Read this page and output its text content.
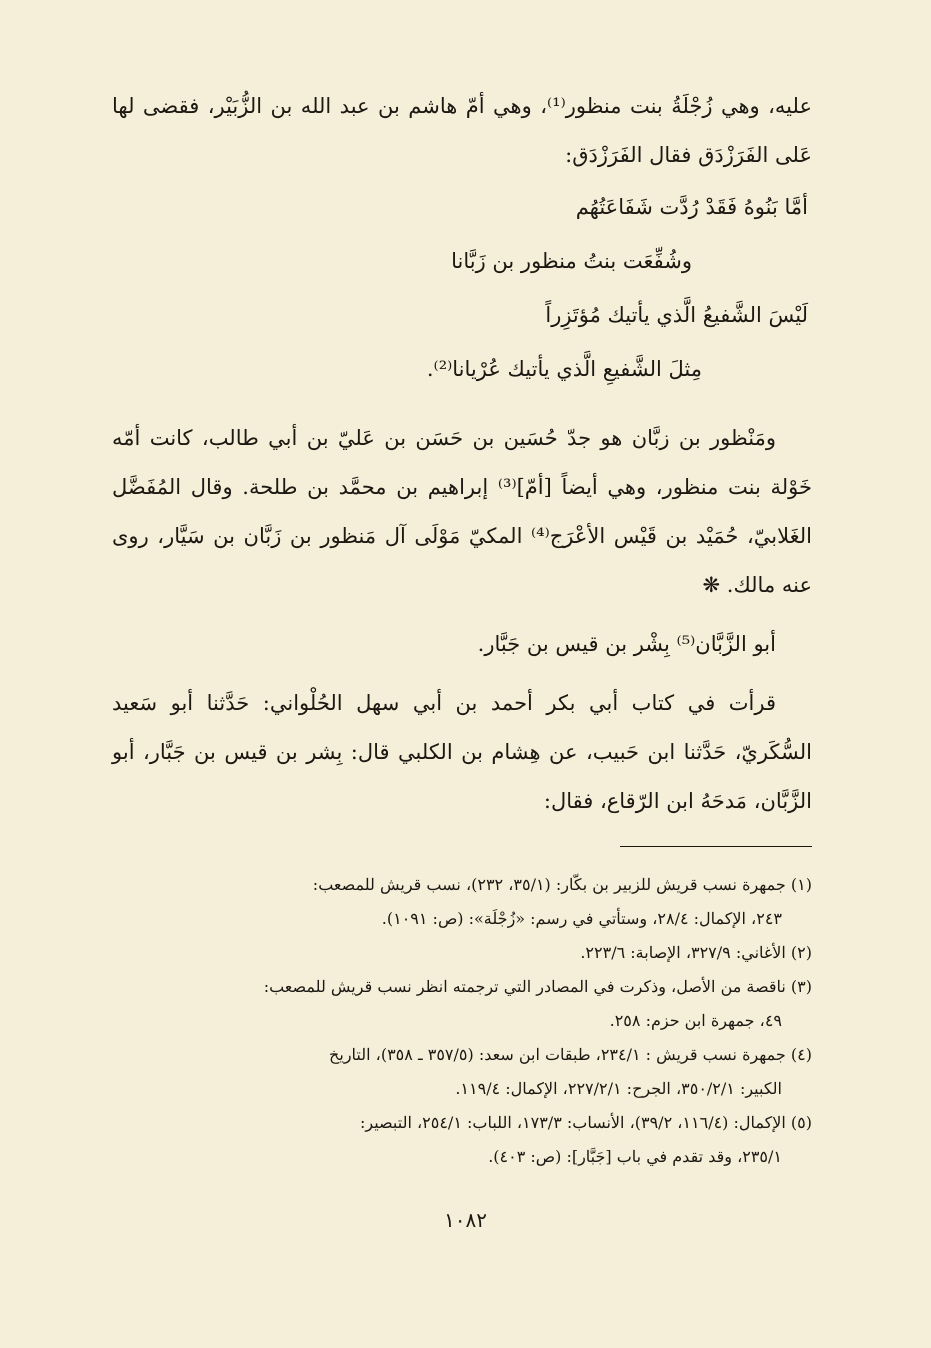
عليه، وهي زُجْلَةُ بنت منظور⁽¹⁾، وهي أمّ هاشم بن عبد الله بن الزُّبَيْر، فقضى لها عَلى الفَرَزْدَق فقال الفَرَزْدَق:

أمَّا بَنُوهُ فَقَدْ رُدَّت شَفَاعَتُهُم

وشُفِّعَت بنتُ منظور بن زَبَّانا

لَيْسَ الشَّفيعُ الَّذي يأتيك مُؤتَزِراً

مِثلَ الشَّفيعِ الَّذي يأتيك عُرْيانا⁽²⁾.

ومَنْظور بن زبَّان هو جدّ حُسَين بن حَسَن بن عَليّ بن أبي طالب، كانت أمّه خَوْلة بنت منظور، وهي أيضاً [أمّ]⁽³⁾ إبراهيم بن محمَّد بن طلحة. وقال المُفَضَّل الغَلابيّ، حُمَيْد بن قَيْس الأعْرَج⁽⁴⁾ المكيّ مَوْلَى آل مَنظور بن زَبَّان بن سَيَّار، روى عنه مالك. ❋

أبو الزَّبَّان⁽⁵⁾ بِشْر بن قيس بن جَبَّار.

قرأت في كتاب أبي بكر أحمد بن أبي سهل الحُلْواني: حَدَّثنا أبو سَعيد السُّكَريّ، حَدَّثنا ابن حَبيب، عن هِشام بن الكلبي قال: بِشر بن قيس بن جَبَّار، أبو الزَّبَّان، مَدحَهُ ابن الرّقاع، فقال:

(١) جمهرة نسب قريش للزبير بن بكّار: (٣٥/١، ٢٣٢)، نسب قريش للمصعب:

٢٤٣، الإكمال: ٢٨/٤، وستأتي في رسم: «زُجْلَة»: (ص: ١٠٩١).

(٢) الأغاني: ٣٢٧/٩، الإصابة: ٢٢٣/٦.

(٣) ناقصة من الأصل، وذكرت في المصادر التي ترجمته انظر نسب قريش للمصعب:

٤٩، جمهرة ابن حزم: ٢٥٨.

(٤) جمهرة نسب قريش : ٢٣٤/١، طبقات ابن سعد: (٣٥٧/٥ ـ ٣٥٨)، التاريخ

الكبير: ٣٥٠/٢/١، الجرح: ٢٢٧/٢/١، الإكمال: ١١٩/٤.

(٥) الإكمال: (١١٦/٤، ٣٩/٢)، الأنساب: ١٧٣/٣، اللباب: ٢٥٤/١، التبصير:

٢٣٥/١، وقد تقدم في باب [جَبَّار]: (ص: ٤٠٣).

١٠٨٢
